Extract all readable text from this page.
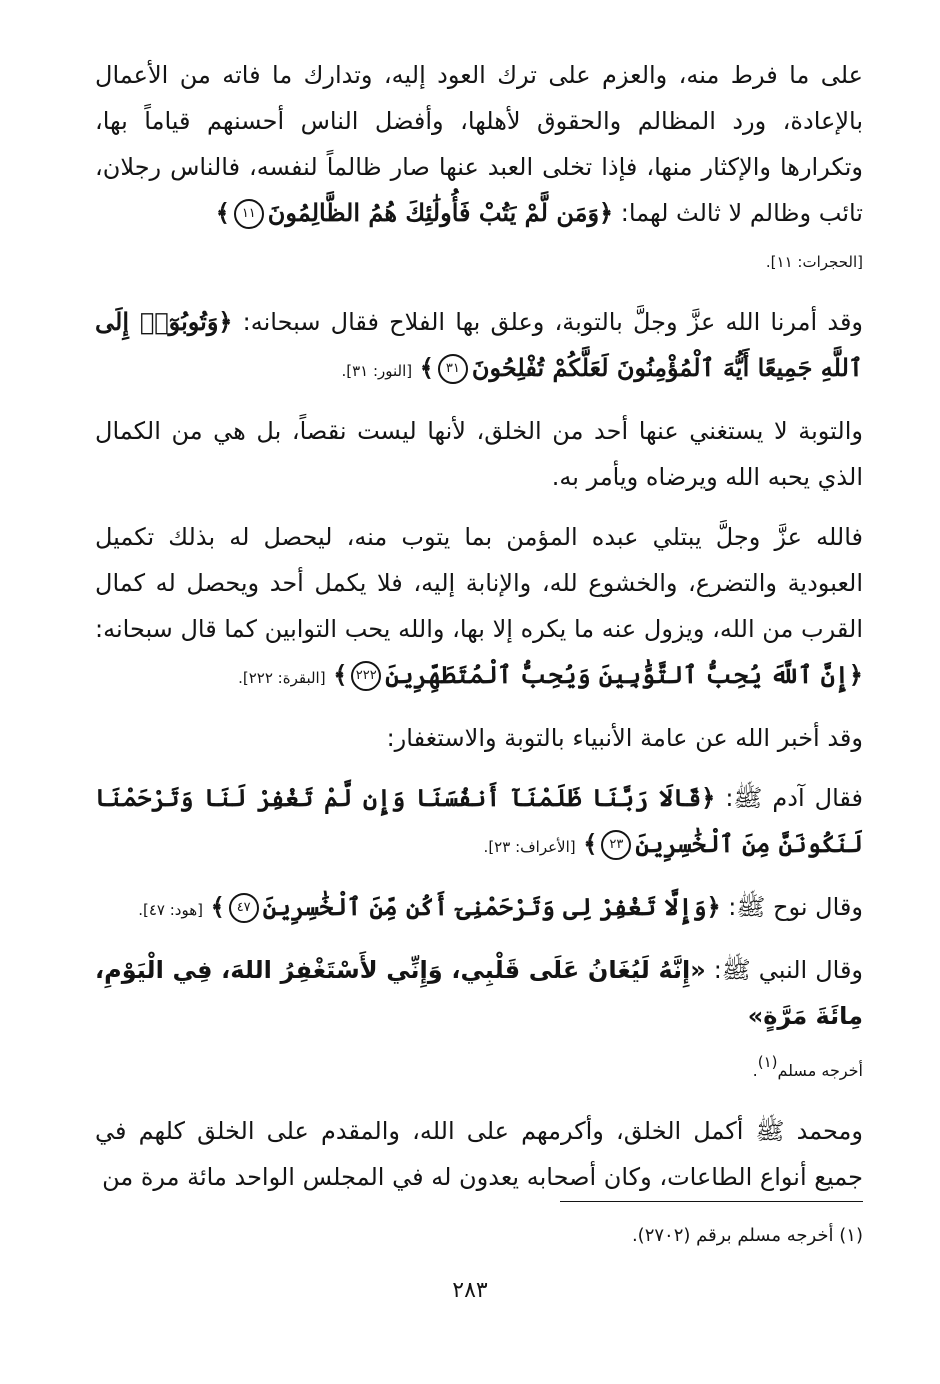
على ما فرط منه، والعزم على ترك العود إليه، وتدارك ما فاته من الأعمال بالإعادة، ورد المظالم والحقوق لأهلها، وأفضل الناس أحسنهم قياماً بها، وتكرارها والإكثار منها، فإذا تخلى العبد عنها صار ظالماً لنفسه، فالناس رجلان، تائب وظالم لا ثالث لهما: ﴿وَمَن لَّمْ يَتُبْ فَأُولَٰئِكَ هُمُ الظَّالِمُونَ١١﴾
[الحجرات: ١١].

وقد أمرنا الله عزَّ وجلَّ بالتوبة، وعلق بها الفلاح فقال سبحانه: ﴿وَتُوبُوٓا۟ إِلَى ٱللَّهِ جَمِيعًا أَيُّهَ ٱلْمُؤْمِنُونَ لَعَلَّكُمْ تُفْلِحُونَ٣١﴾ [النور: ٣١].

والتوبة لا يستغني عنها أحد من الخلق، لأنها ليست نقصاً، بل هي من الكمال الذي يحبه الله ويرضاه ويأمر به.

فالله عزَّ وجلَّ يبتلي عبده المؤمن بما يتوب منه، ليحصل له بذلك تكميل العبودية والتضرع، والخشوع لله، والإنابة إليه، فلا يكمل أحد ويحصل له كمال القرب من الله، ويزول عنه ما يكره إلا بها، والله يحب التوابين كما قال سبحانه: ﴿إِنَّ ٱللَّهَ يُحِبُّ ٱلتَّوَّٰبِينَ وَيُحِبُّ ٱلْمُتَطَهِّرِينَ٢٢٢﴾ [البقرة: ٢٢٢].

وقد أخبر الله عن عامة الأنبياء بالتوبة والاستغفار:

فقال آدم ﷺ: ﴿قَالَا رَبَّنَا ظَلَمْنَآ أَنفُسَنَا وَإِن لَّمْ تَغْفِرْ لَنَا وَتَرْحَمْنَا لَنَكُونَنَّ مِنَ ٱلْخَٰسِرِينَ٢٣﴾ [الأعراف: ٢٣].

وقال نوح ﷺ: ﴿وَإِلَّا تَغْفِرْ لِى وَتَرْحَمْنِىٓ أَكُن مِّنَ ٱلْخَٰسِرِينَ٤٧﴾ [هود: ٤٧].

وقال النبي ﷺ: «إِنَّهُ لَيُغَانُ عَلَى قَلْبِي، وَإِنِّي لأَسْتَغْفِرُ اللهَ، فِي الْيَوْمِ، مِائَةَ مَرَّةٍ»
أخرجه مسلم$^{(١)}$.

ومحمد ﷺ أكمل الخلق، وأكرمهم على الله، والمقدم على الخلق كلهم في جميع أنواع الطاعات، وكان أصحابه يعدون له في المجلس الواحد مائة مرة من

(١) أخرجه مسلم برقم (٢٧٠٢).
٢٨٣
